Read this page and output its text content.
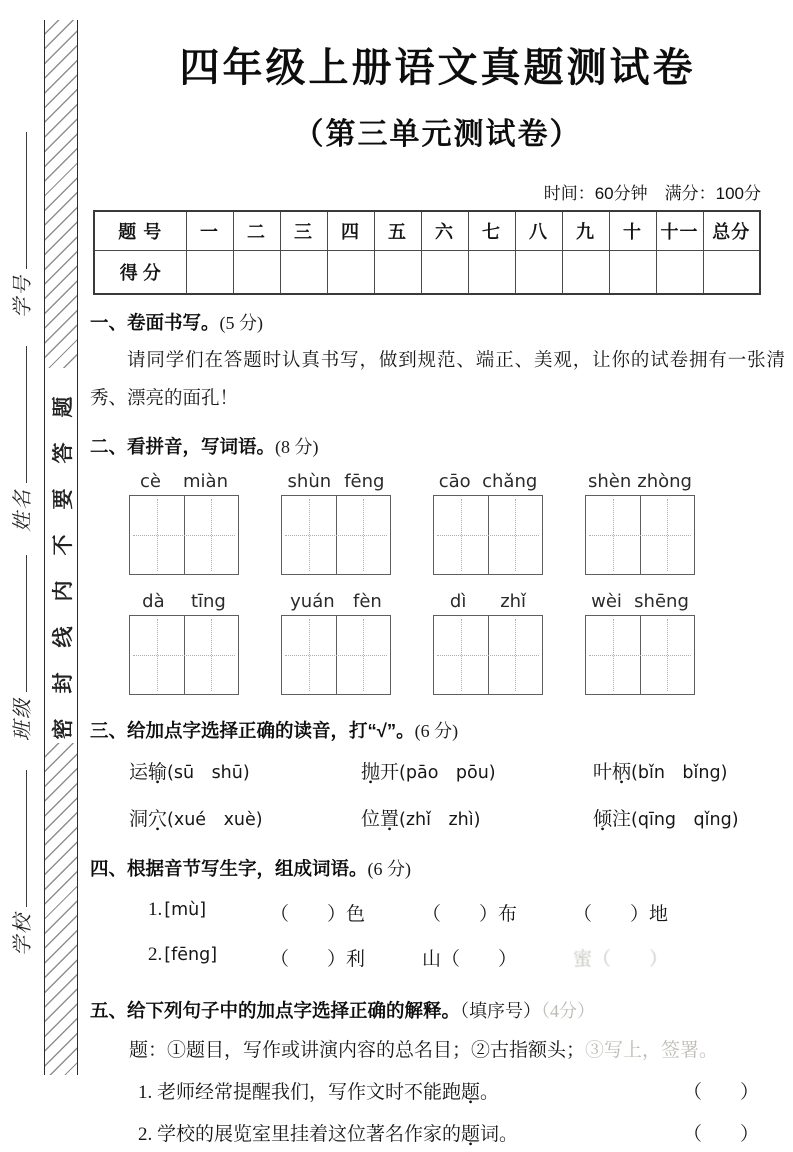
学号
姓名
班级
学校
密封线内不要答题
四年级上册语文真题测试卷
（第三单元测试卷）
时间：60分钟　满分：100分
题 号	一	二	三	四	五	六	七	八	九	十	十一	总分
得 分												
一、卷面书写。(5 分)
请同学们在答题时认真书写，做到规范、端正、美观，让你的试卷拥有一张清秀、漂亮的面孔！
二、看拼音，写词语。(8 分)
cè miàn	shùn fēng	cāo chǎng	shèn zhòng
dà tīng	yuán fèn	dì zhǐ	wèi shēng
三、给加点字选择正确的读音，打“√”。(6 分)
运输(sū　shū)	抛开(pāo　pōu)	叶柄(bǐn　bǐng)
洞穴(xué　xuè)	位置(zhǐ　zhì)	倾注(qīng　qǐng)
四、根据音节写生字，组成词语。(6 分)
1. [mù]	（　　）色	（　　）布	（　　）地
2. [fēng]	（　　）利	山（　　）	蜜（　　）
五、给下列句子中的加点字选择正确的解释。（填序号）（4分）
题：①题目，写作或讲演内容的总名目；②古指额头；③写上，签署。
1. 老师经常提醒我们，写作文时不能跑题。	（　　）
2. 学校的展览室里挂着这位著名作家的题词。	（　　）
